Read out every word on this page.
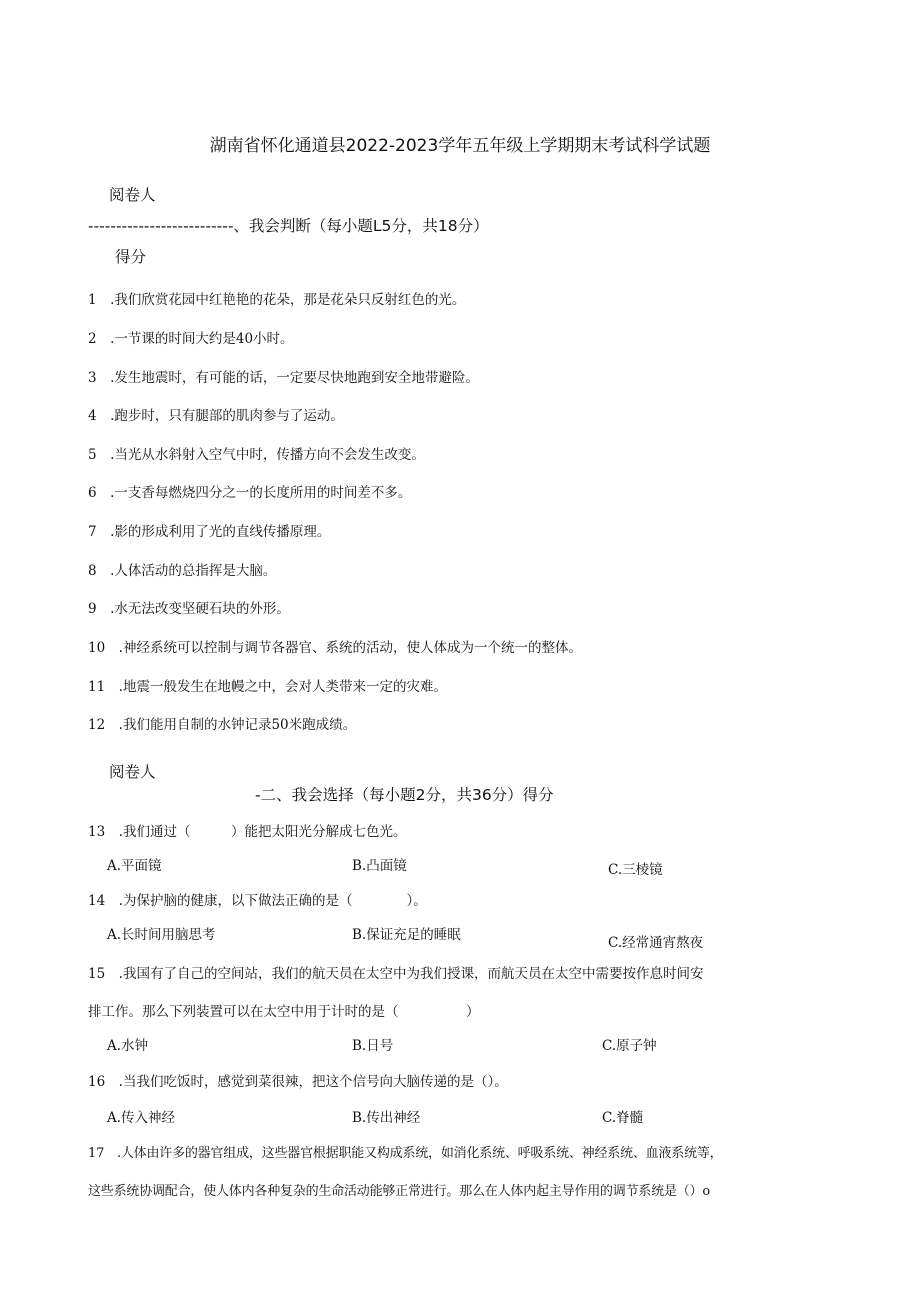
湖南省怀化通道县2022-2023学年五年级上学期期末考试科学试题
阅卷人
--------------------------、我会判断（每小题L5分，共18分）
得分
1　.我们欣赏花园中红艳艳的花朵，那是花朵只反射红色的光。
2　.一节课的时间大约是40小时。
3　.发生地震时，有可能的话，一定要尽快地跑到安全地带避险。
4　.跑步时，只有腿部的肌肉参与了运动。
5　.当光从水斜射入空气中时，传播方向不会发生改变。
6　.一支香每燃烧四分之一的长度所用的时间差不多。
7　.影的形成利用了光的直线传播原理。
8　.人体活动的总指挥是大脑。
9　.水无法改变坚硬石块的外形。
10　.神经系统可以控制与调节各器官、系统的活动，使人体成为一个统一的整体。
11　.地震一般发生在地幔之中，会对人类带来一定的灾难。
12　.我们能用自制的水钟记录50米跑成绩。
阅卷人
-二、我会选择（每小题2分，共36分）得分
13　.我们通过（　　　）能把太阳光分解成七色光。
A.平面镜	B.凸面镜	C.三棱镜
14　.为保护脑的健康，以下做法正确的是（　　　　）。
A.长时间用脑思考	B.保证充足的睡眠	C.经常通宵熬夜
15　.我国有了自己的空间站，我们的航天员在太空中为我们授课，而航天员在太空中需要按作息时间安
排工作。那么下列装置可以在太空中用于计时的是（　　　　　）
A.水钟	B.日号	C.原子钟
16　.当我们吃饭时，感觉到菜很辣，把这个信号向大脑传递的是（）。
A.传入神经	B.传出神经	C.脊髓
17　.人体由许多的器官组成，这些器官根据职能又构成系统，如消化系统、呼吸系统、神经系统、血液系统等，
这些系统协调配合，使人体内各种复杂的生命活动能够正常进行。那么在人体内起主导作用的调节系统是（）o
